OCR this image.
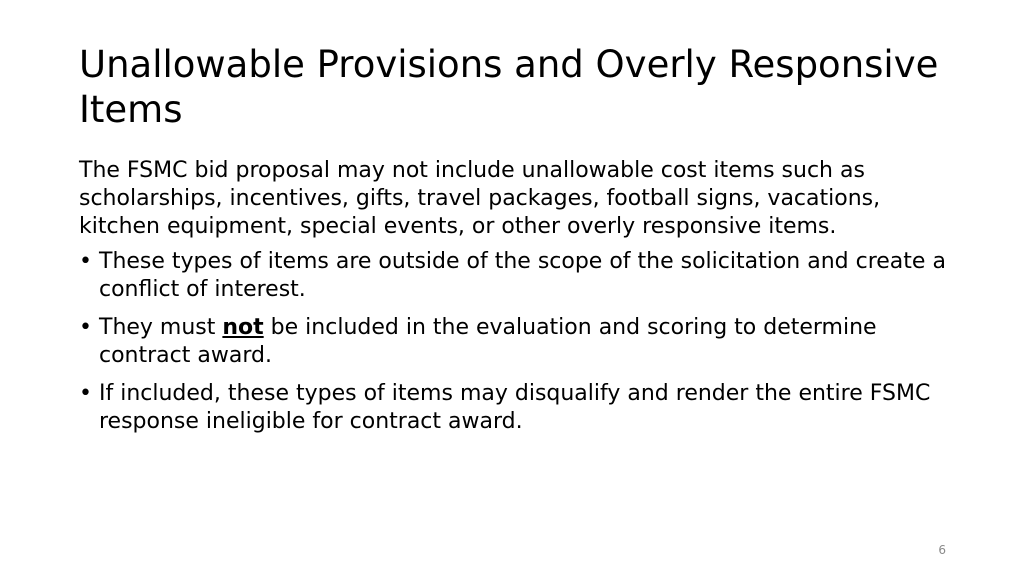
Unallowable Provisions and Overly Responsive Items

The FSMC bid proposal may not include unallowable cost items such as scholarships, incentives, gifts, travel packages, football signs, vacations, kitchen equipment, special events, or other overly responsive items.

• These types of items are outside of the scope of the solicitation and create a conflict of interest.
• They must not be included in the evaluation and scoring to determine contract award.
• If included, these types of items may disqualify and render the entire FSMC response ineligible for contract award.
6
